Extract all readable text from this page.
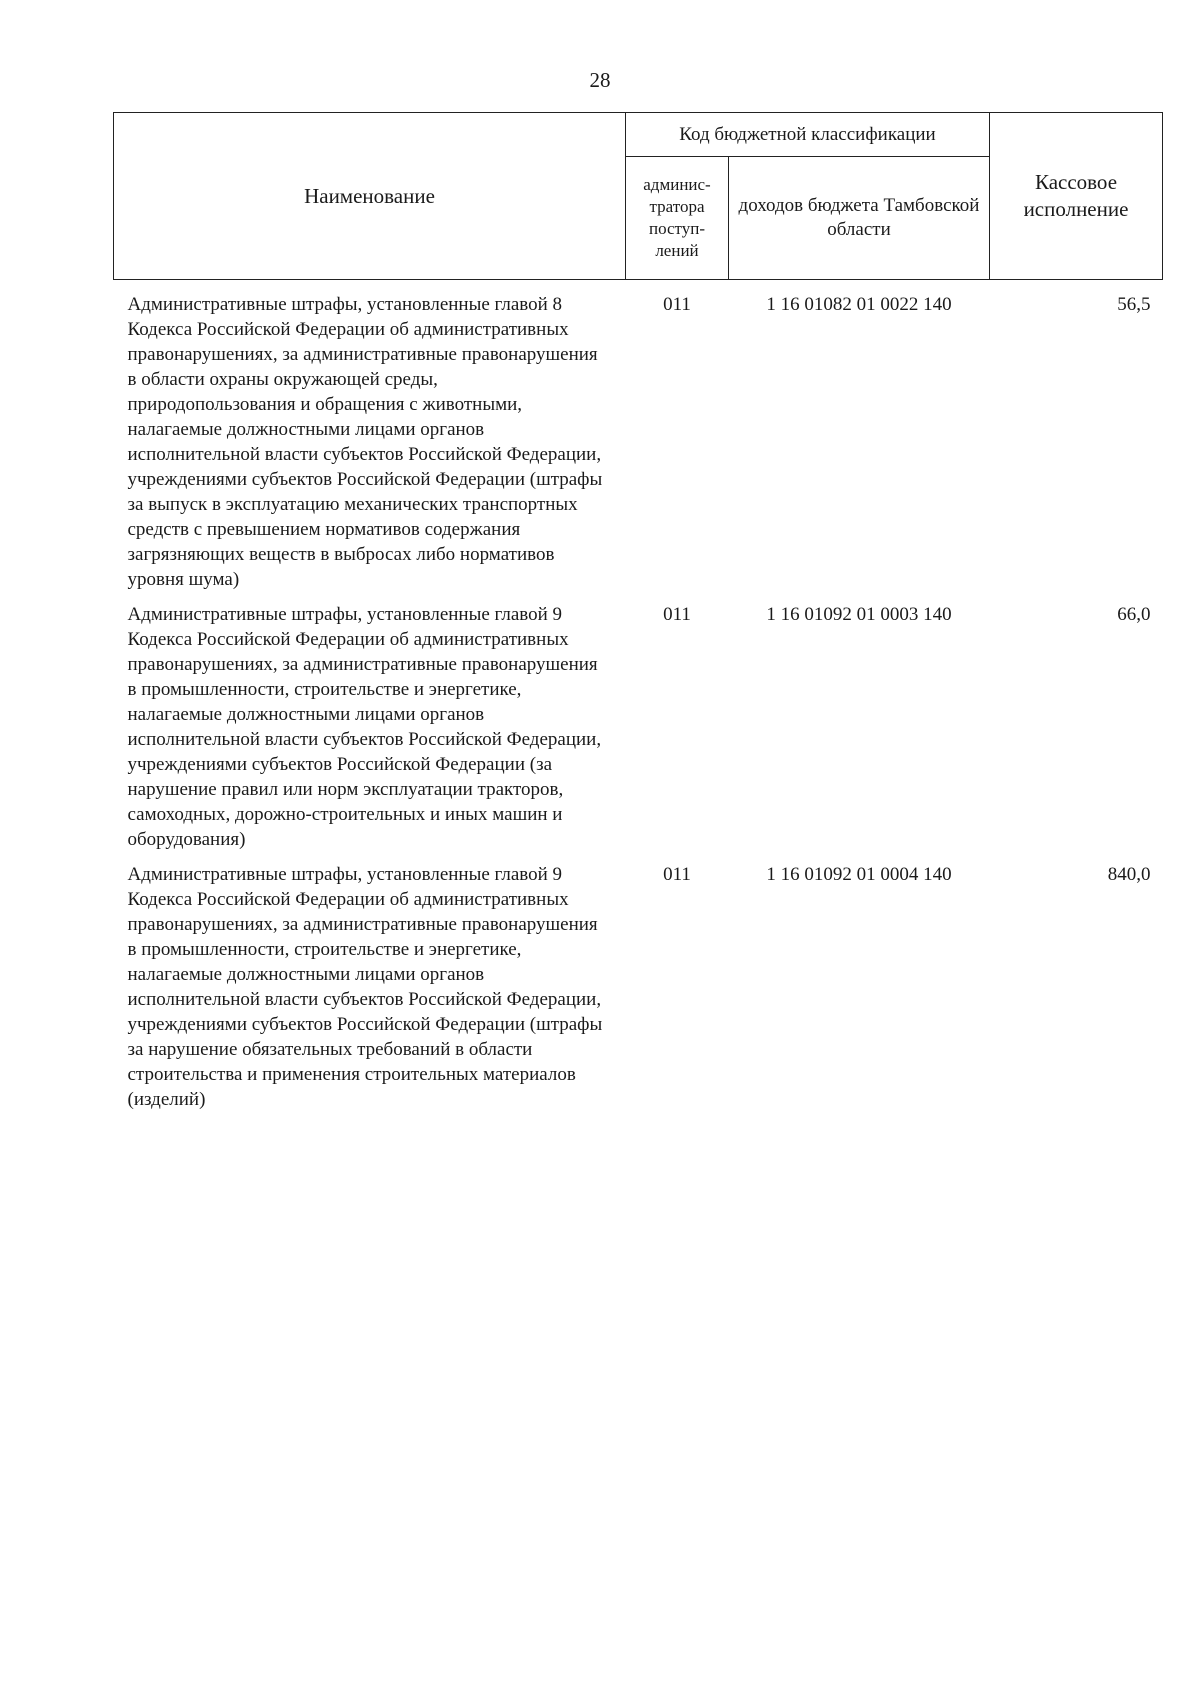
28
Наименование	Код бюджетной классификации		Кассовое исполнение
	админис-тратора поступ-лений	доходов бюджета Тамбовской области	
Административные штрафы, установленные главой 8 Кодекса Российской Федерации об административных правонарушениях, за административные правонарушения в области охраны окружающей среды, природопользования и обращения с животными, налагаемые должностными лицами органов исполнительной власти субъектов Российской Федерации, учреждениями субъектов Российской Федерации (штрафы за выпуск в эксплуатацию механических транспортных средств с превышением нормативов содержания загрязняющих веществ в выбросах либо нормативов уровня шума)	011	1 16 01082 01 0022 140	56,5
Административные штрафы, установленные главой 9 Кодекса Российской Федерации об административных правонарушениях, за административные правонарушения в промышленности, строительстве и энергетике, налагаемые должностными лицами органов исполнительной власти субъектов Российской Федерации, учреждениями субъектов Российской Федерации (за нарушение правил или норм эксплуатации тракторов, самоходных, дорожно-строительных и иных машин и оборудования)	011	1 16 01092 01 0003 140	66,0
Административные штрафы, установленные главой 9 Кодекса Российской Федерации об административных правонарушениях, за административные правонарушения в промышленности, строительстве и энергетике, налагаемые должностными лицами органов исполнительной власти субъектов Российской Федерации, учреждениями субъектов Российской Федерации (штрафы за нарушение обязательных требований в области строительства и применения строительных материалов (изделий)	011	1 16 01092 01 0004 140	840,0
